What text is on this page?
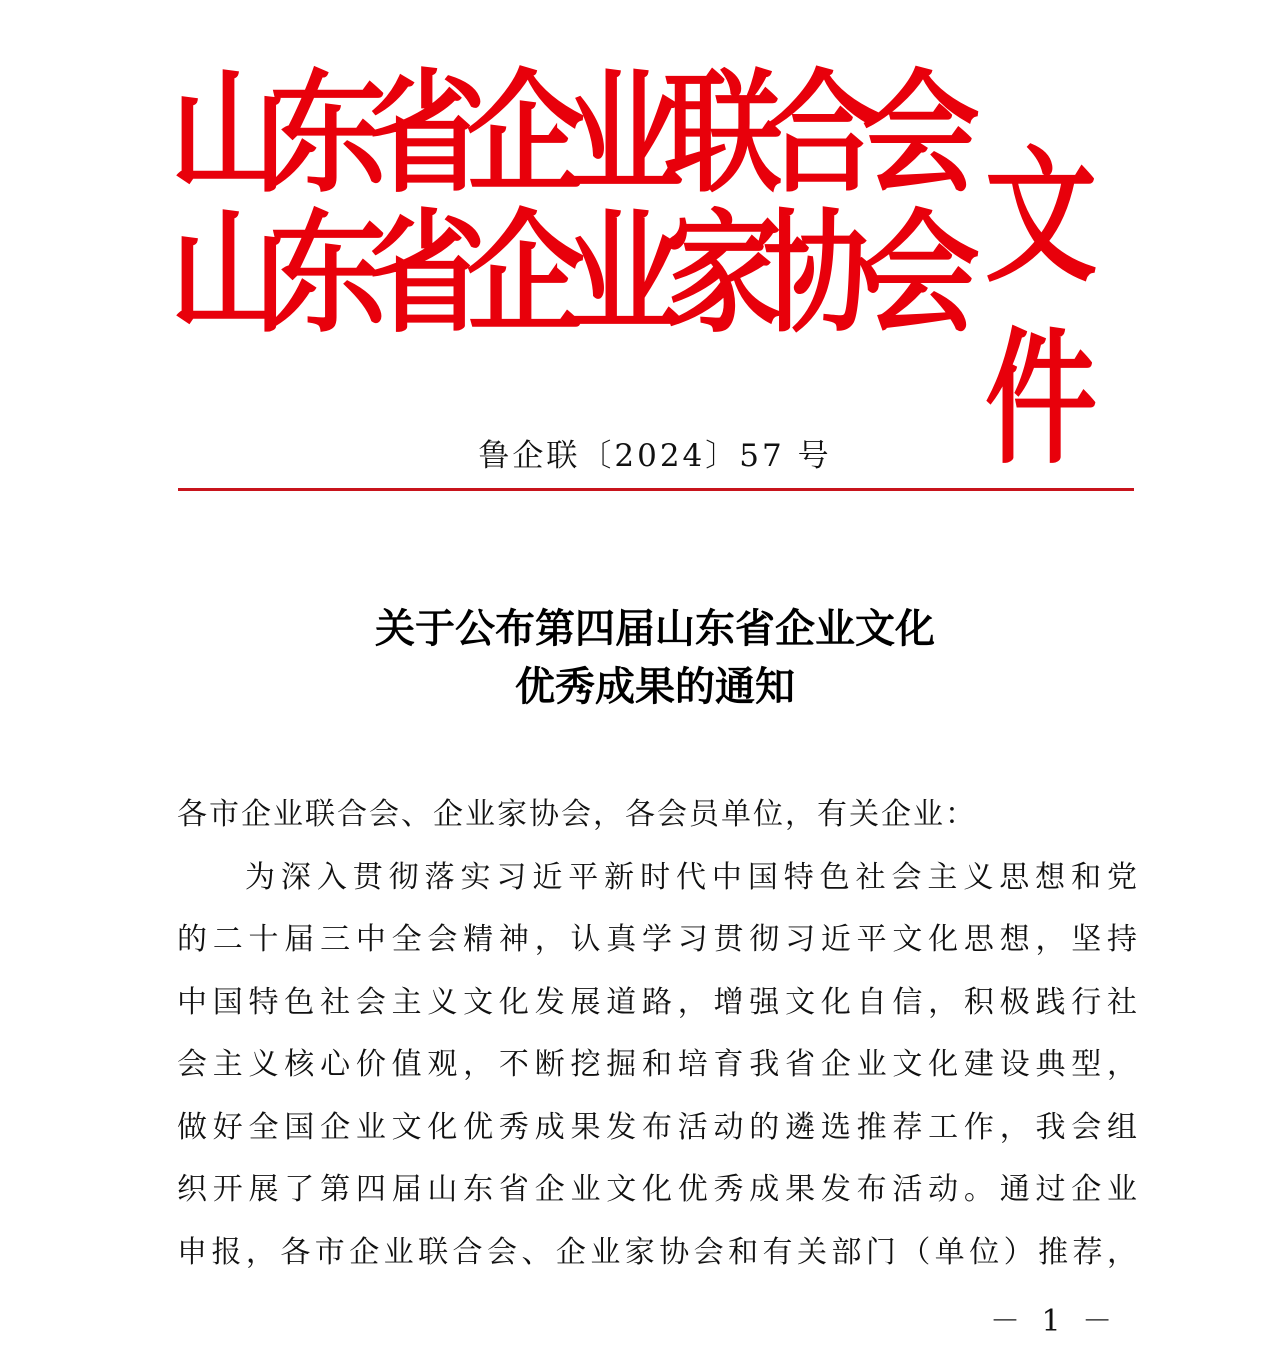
山
东
省
企
业
联
合
会
山
东
省
企
业
家
协
会 文件
鲁企联〔2024〕57 号
关于公布第四届山东省企业文化
优秀成果的通知
各市企业联合会、企业家协会，各会员单位，有关企业：
为深入贯彻落实习近平新时代中国特色社会主义思想和党
的二十届三中全会精神，认真学习贯彻习近平文化思想，坚持
中国特色社会主义文化发展道路，增强文化自信，积极践行社
会主义核心价值观，不断挖掘和培育我省企业文化建设典型，
做好全国企业文化优秀成果发布活动的遴选推荐工作，我会组
织开展了第四届山东省企业文化优秀成果发布活动。通过企业
申报，各市企业联合会、企业家协会和有关部门（单位）推荐，
－ 1 －
